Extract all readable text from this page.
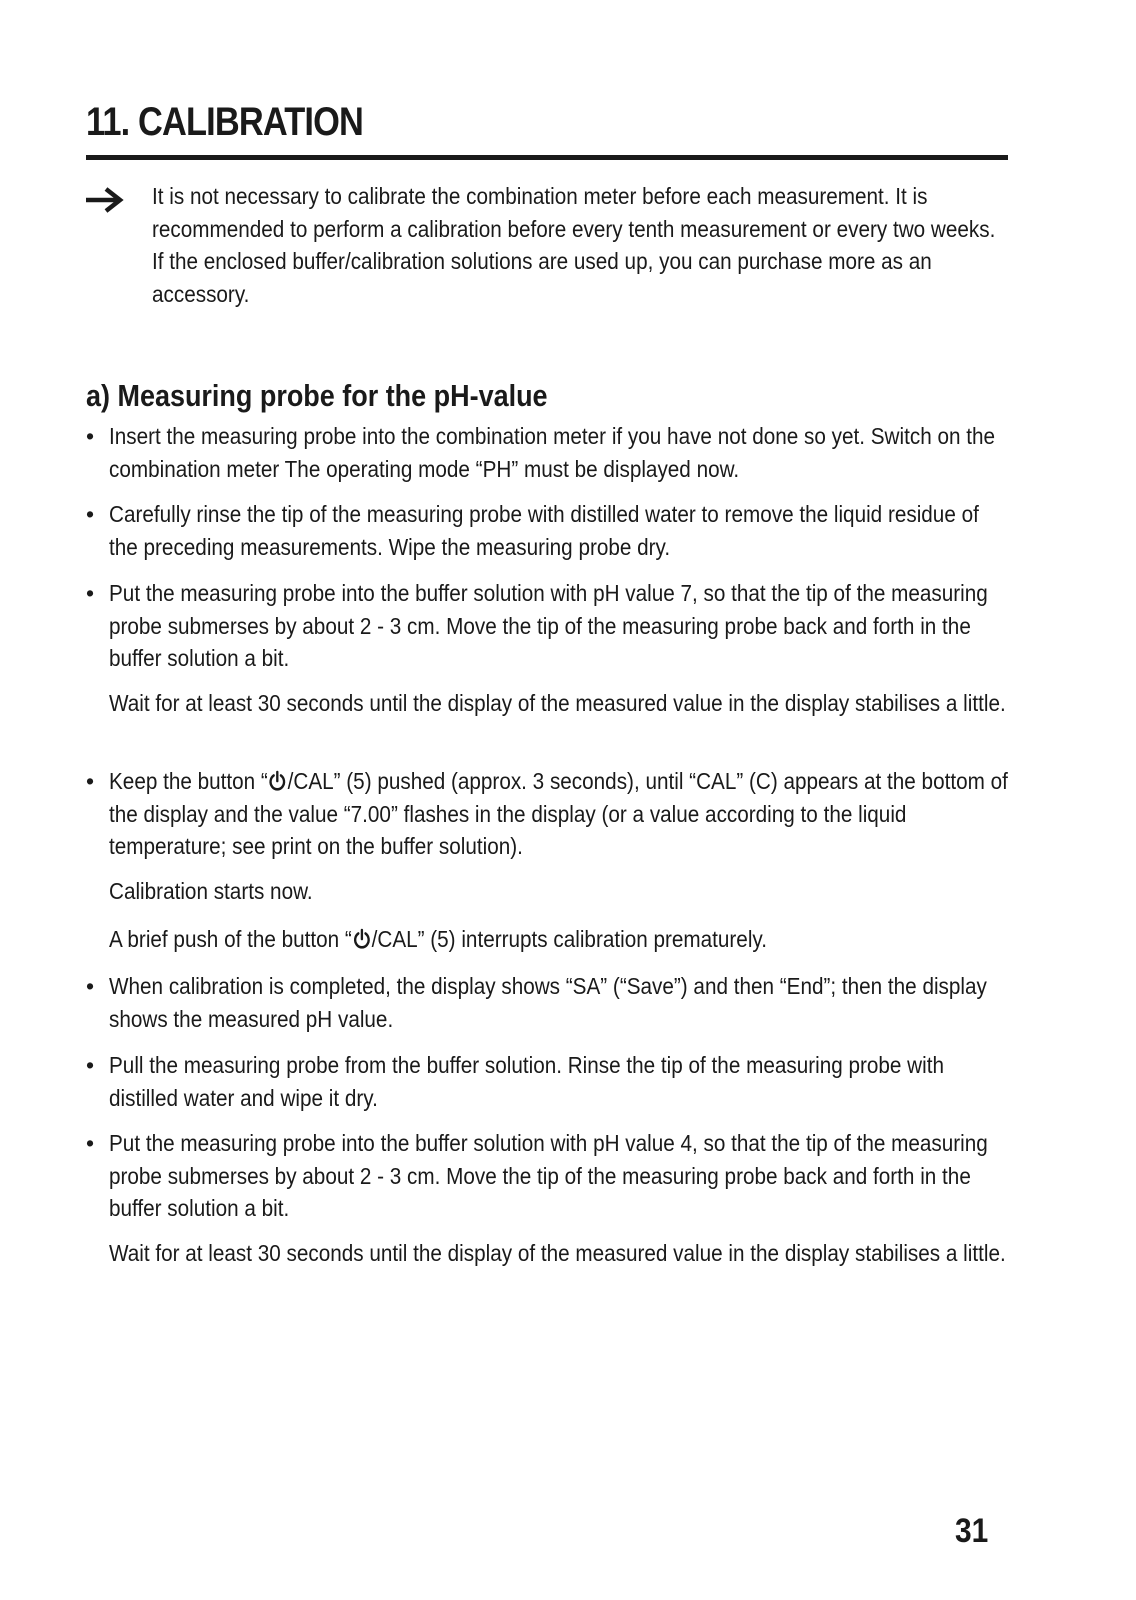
11. CALIBRATION

It is not necessary to calibrate the combination meter before each measurement. It is recommended to perform a calibration before every tenth measurement or every two weeks. If the enclosed buffer/calibration solutions are used up, you can purchase more as an accessory.

a) Measuring probe for the pH-value
• Insert the measuring probe into the combination meter if you have not done so yet. Switch on the combination meter The operating mode “PH” must be displayed now.

• Carefully rinse the tip of the measuring probe with distilled water to remove the liquid residue of the preceding measurements. Wipe the measuring probe dry.

• Put the measuring probe into the buffer solution with pH value 7, so that the tip of the measuring probe submerses by about 2 - 3 cm. Move the tip of the measuring probe back and forth in the buffer solution a bit.

Wait for at least 30 seconds until the display of the measured value in the display stabilises a little.

• Keep the button “ /CAL” (5) pushed (approx. 3 seconds), until “CAL” (C) appears at the bottom of the display and the value “7.00” flashes in the display (or a value according to the liquid temperature; see print on the buffer solution).

Calibration starts now.

A brief push of the button “ /CAL” (5) interrupts calibration prematurely.

• When calibration is completed, the display shows “SA” (“Save”) and then “End”; then the display shows the measured pH value.

• Pull the measuring probe from the buffer solution. Rinse the tip of the measuring probe with distilled water and wipe it dry.

• Put the measuring probe into the buffer solution with pH value 4, so that the tip of the measuring probe submerses by about 2 - 3 cm. Move the tip of the measuring probe back and forth in the buffer solution a bit.

Wait for at least 30 seconds until the display of the measured value in the display stabilises a little.

31
